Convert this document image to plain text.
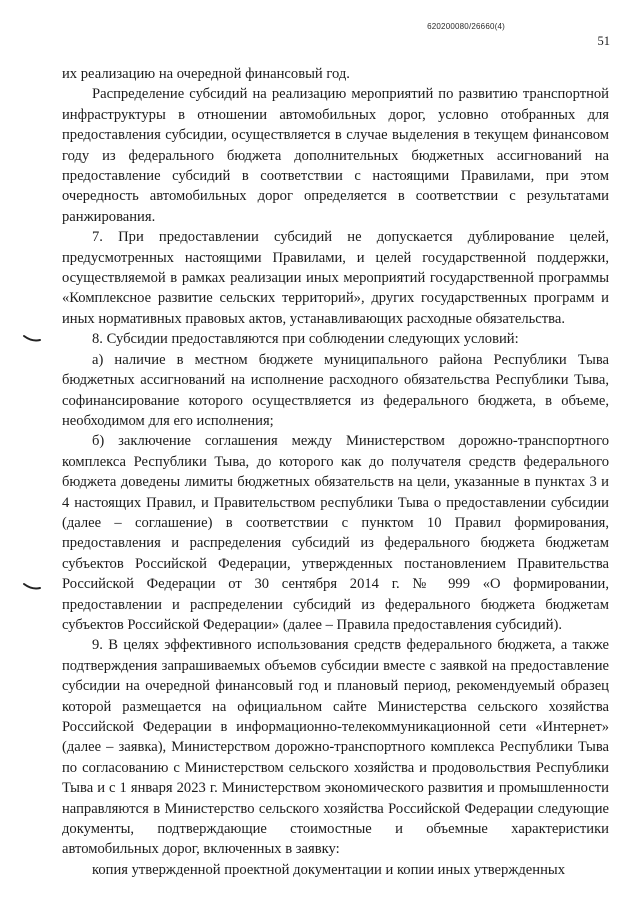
620200080/26660(4)
51

их реализацию на очередной финансовый год.

Распределение субсидий на реализацию мероприятий по развитию транспортной инфраструктуры в отношении автомобильных дорог, условно отобранных для предоставления субсидии, осуществляется в случае выделения в текущем финансовом году из федерального бюджета дополнительных бюджетных ассигнований на предоставление субсидий в соответствии с настоящими Правилами, при этом очередность автомобильных дорог определяется в соответствии с результатами ранжирования.

7. При предоставлении субсидий не допускается дублирование целей, предусмотренных настоящими Правилами, и целей государственной поддержки, осуществляемой в рамках реализации иных мероприятий государственной программы «Комплексное развитие сельских территорий», других государственных программ и иных нормативных правовых актов, устанавливающих расходные обязательства.

8. Субсидии предоставляются при соблюдении следующих условий:

а) наличие в местном бюджете муниципального района Республики Тыва бюджетных ассигнований на исполнение расходного обязательства Республики Тыва, софинансирование которого осуществляется из федерального бюджета, в объеме, необходимом для его исполнения;

б) заключение соглашения между Министерством дорожно-транспортного комплекса Республики Тыва, до которого как до получателя средств федерального бюджета доведены лимиты бюджетных обязательств на цели, указанные в пунктах 3 и 4 настоящих Правил, и Правительством республики Тыва о предоставлении субсидии (далее – соглашение) в соответствии с пунктом 10 Правил формирования, предоставления и распределения субсидий из федерального бюджета бюджетам субъектов Российской Федерации, утвержденных постановлением Правительства Российской Федерации от 30 сентября 2014 г. № 999 «О формировании, предоставлении и распределении субсидий из федерального бюджета бюджетам субъектов Российской Федерации» (далее – Правила предоставления субсидий).

9. В целях эффективного использования средств федерального бюджета, а также подтверждения запрашиваемых объемов субсидии вместе с заявкой на предоставление субсидии на очередной финансовый год и плановый период, рекомендуемый образец которой размещается на официальном сайте Министерства сельского хозяйства Российской Федерации в информационно-телекоммуникационной сети «Интернет» (далее – заявка), Министерством дорожно-транспортного комплекса Республики Тыва по согласованию с Министерством сельского хозяйства и продовольствия Республики Тыва и с 1 января 2023 г. Министерством экономического развития и промышленности направляются в Министерство сельского хозяйства Российской Федерации следующие документы, подтверждающие стоимостные и объемные характеристики автомобильных дорог, включенных в заявку:

копия утвержденной проектной документации и копии иных утвержденных
